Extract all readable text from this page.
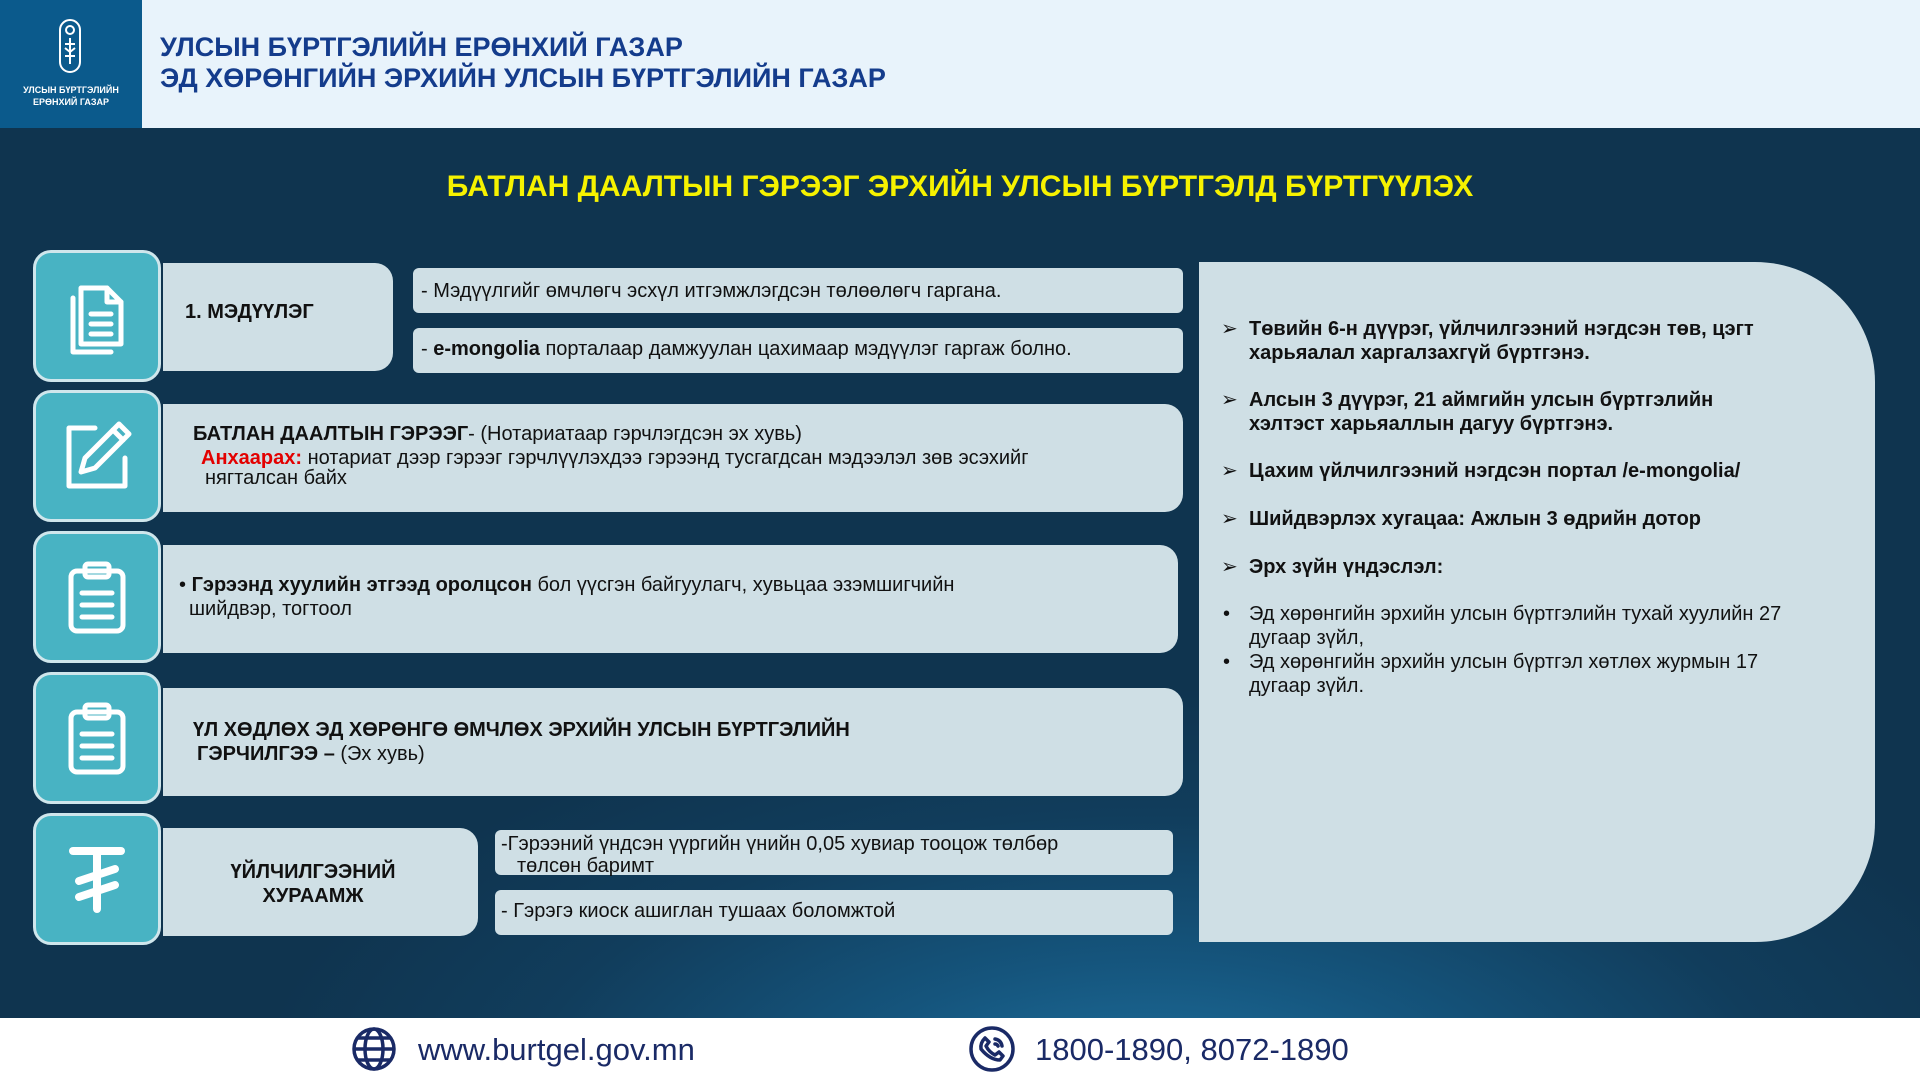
УЛСЫН БҮРТГЭЛИЙН
ЕРӨНХИЙ ГАЗАР
УЛСЫН БҮРТГЭЛИЙН ЕРӨНХИЙ ГАЗАР
ЭД ХӨРӨНГИЙН ЭРХИЙН УЛСЫН БҮРТГЭЛИЙН ГАЗАР
БАТЛАН ДААЛТЫН ГЭРЭЭГ ЭРХИЙН УЛСЫН БҮРТГЭЛД БҮРТГҮҮЛЭХ
1. МЭДҮҮЛЭГ
- Мэдүүлгийг өмчлөгч эсхүл итгэмжлэгдсэн төлөөлөгч гаргана.
- e-mongolia порталаар дамжуулан цахимаар мэдүүлэг гаргаж болно.
БАТЛАН ДААЛТЫН ГЭРЭЭГ- (Нотариатаар гэрчлэгдсэн эх хувь)
Анхаарах: нотариат дээр гэрээг гэрчлүүлэхдээ гэрээнд тусгагдсан мэдээлэл зөв эсэхийг
нягталсан байх
• Гэрээнд хуулийн этгээд оролцсон бол үүсгэн байгуулагч, хувьцаа эзэмшигчийн
шийдвэр, тогтоол
ҮЛ ХӨДЛӨХ ЭД ХӨРӨНГӨ ӨМЧЛӨХ ЭРХИЙН УЛСЫН БҮРТГЭЛИЙН
ГЭРЧИЛГЭЭ – (Эх хувь)
ҮЙЛЧИЛГЭЭНИЙ
ХУРААМЖ
-Гэрээний үндсэн үүргийн үнийн 0,05 хувиар тооцож төлбөр
төлсөн баримт
- Гэрэгэ киоск ашиглан тушаах боломжтой
➢ Төвийн 6-н дүүрэг, үйлчилгээний нэгдсэн төв, цэгт
харьяалал харгалзахгүй бүртгэнэ.
➢ Алсын 3 дүүрэг, 21 аймгийн улсын бүртгэлийн
хэлтэст харьяаллын дагуу бүртгэнэ.
➢ Цахим үйлчилгээний нэгдсэн портал /e-mongolia/
➢ Шийдвэрлэх хугацаа: Ажлын 3 өдрийн дотор
➢ Эрх зүйн үндэслэл:
• Эд хөрөнгийн эрхийн улсын бүртгэлийн тухай хуулийн 27
дугаар зүйл,
• Эд хөрөнгийн эрхийн улсын бүртгэл хөтлөх журмын 17
дугаар зүйл.
www.burtgel.gov.mn	1800-1890, 8072-1890
